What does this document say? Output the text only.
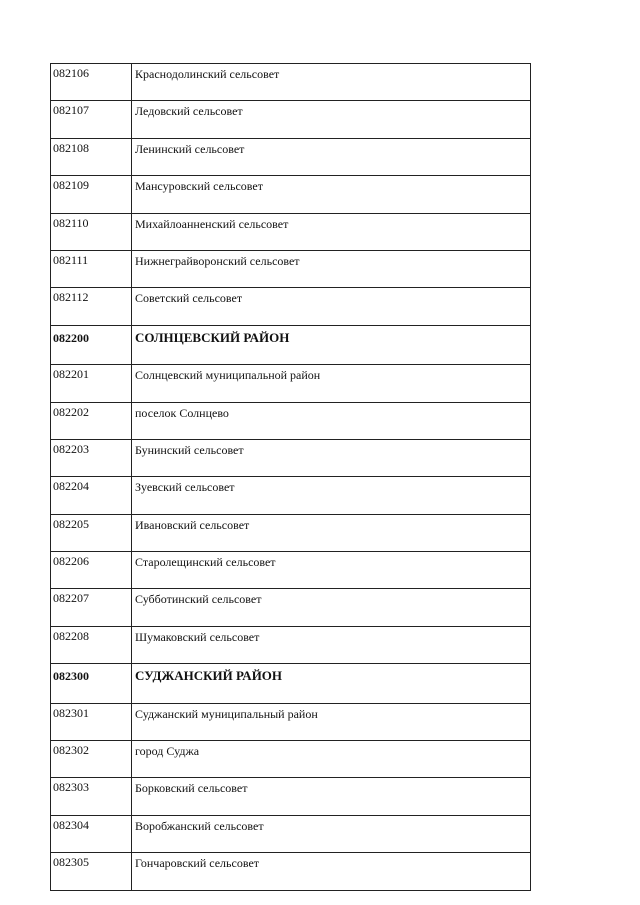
082106	Краснодолинский сельсовет
082107	Ледовский сельсовет
082108	Ленинский сельсовет
082109	Мансуровский сельсовет
082110	Михайлоанненский сельсовет
082111	Нижнеграйворонский сельсовет
082112	Советский сельсовет
082200	СОЛНЦЕВСКИЙ РАЙОН
082201	Солнцевский муниципальной район
082202	поселок Солнцево
082203	Бунинский сельсовет
082204	Зуевский сельсовет
082205	Ивановский сельсовет
082206	Старолещинский сельсовет
082207	Субботинский сельсовет
082208	Шумаковский сельсовет
082300	СУДЖАНСКИЙ РАЙОН
082301	Суджанский муниципальный район
082302	город Суджа
082303	Борковский сельсовет
082304	Воробжанский сельсовет
082305	Гончаровский сельсовет
